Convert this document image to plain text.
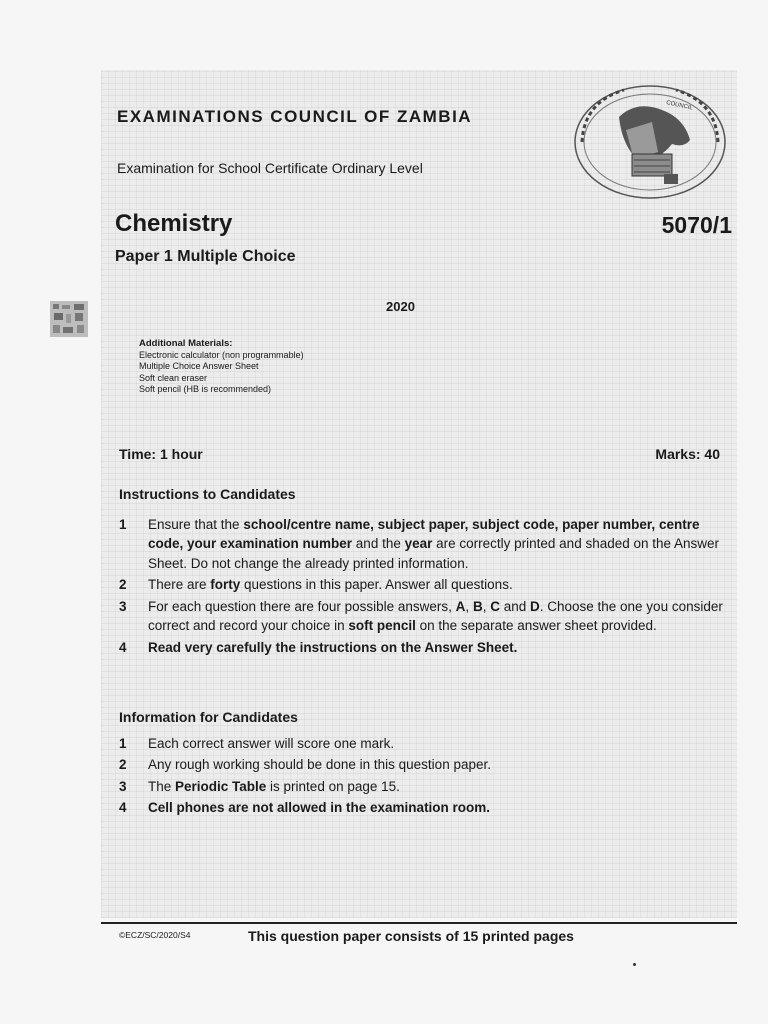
COUNCIL
EXAMINATIONS COUNCIL OF ZAMBIA
Examination for School Certificate Ordinary Level
Chemistry	5070/1
Paper 1 Multiple Choice
2020
Additional Materials:
Electronic calculator (non programmable)
Multiple Choice Answer Sheet
Soft clean eraser
Soft pencil (HB is recommended)
Time: 1 hour	Marks: 40
Instructions to Candidates
1	Ensure that the school/centre name, subject paper, subject code, paper number, centre code, your examination number and the year are correctly printed and shaded on the Answer Sheet. Do not change the already printed information.
2	There are forty questions in this paper. Answer all questions.
3	For each question there are four possible answers, A, B, C and D. Choose the one you consider correct and record your choice in soft pencil on the separate answer sheet provided.
4	Read very carefully the instructions on the Answer Sheet.
Information for Candidates
1	Each correct answer will score one mark.
2	Any rough working should be done in this question paper.
3	The Periodic Table is printed on page 15.
4	Cell phones are not allowed in the examination room.
©ECZ/SC/2020/S4	This question paper consists of 15 printed pages
